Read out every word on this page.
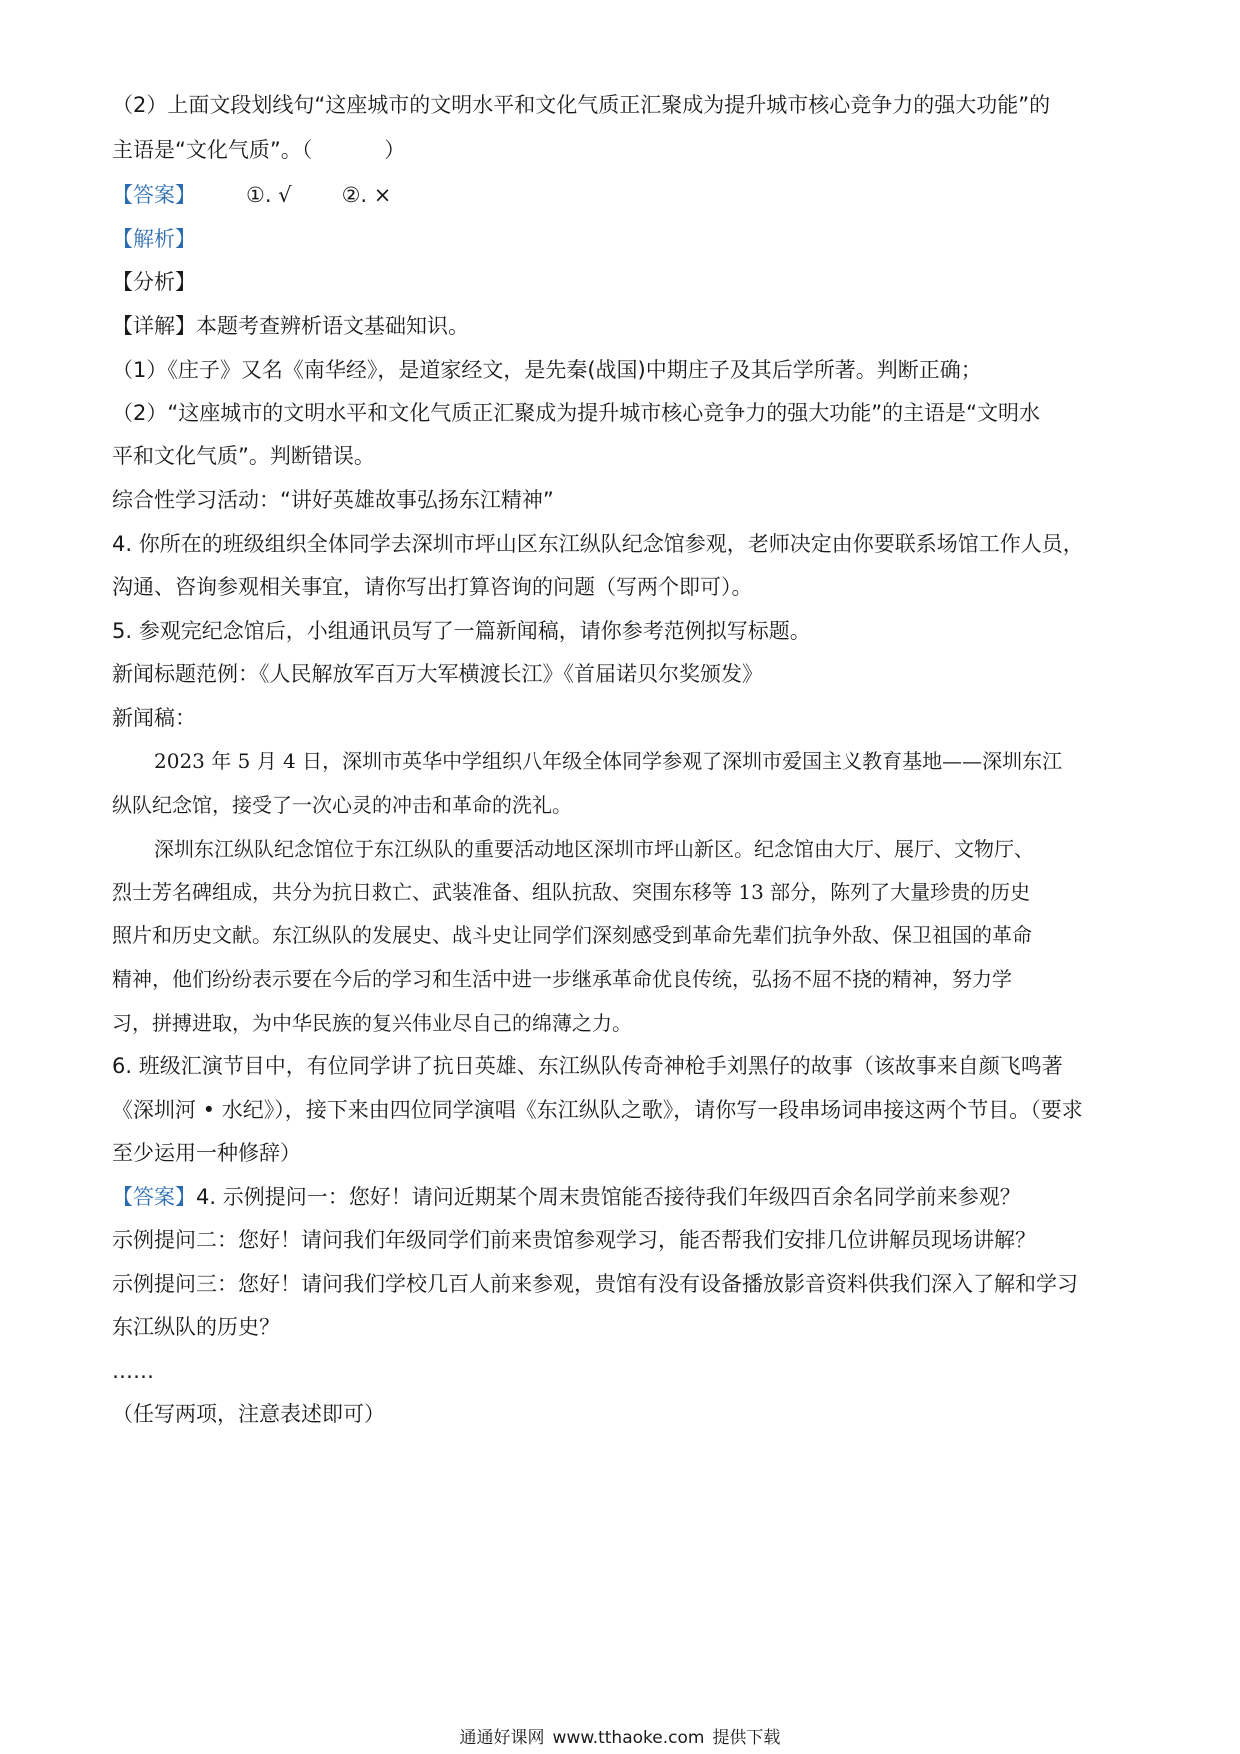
（2）上面文段划线句“这座城市的文明水平和文化气质正汇聚成为提升城市核心竞争力的强大功能”的
主语是“文化气质”。（	）
【答案】 ①. √ ②. ×
【解析】
【分析】
【详解】本题考查辨析语文基础知识。
（1）《庄子》又名《南华经》，是道家经文，是先秦(战国)中期庄子及其后学所著。判断正确；
（2）“这座城市的文明水平和文化气质正汇聚成为提升城市核心竞争力的强大功能”的主语是“文明水
平和文化气质”。判断错误。
综合性学习活动：“讲好英雄故事弘扬东江精神”
4. 你所在的班级组织全体同学去深圳市坪山区东江纵队纪念馆参观，老师决定由你要联系场馆工作人员，
沟通、咨询参观相关事宜，请你写出打算咨询的问题（写两个即可）。
5. 参观完纪念馆后，小组通讯员写了一篇新闻稿，请你参考范例拟写标题。
新闻标题范例：《人民解放军百万大军横渡长江》《首届诺贝尔奖颁发》
新闻稿：
2023 年 5 月 4 日，深圳市英华中学组织八年级全体同学参观了深圳市爱国主义教育基地——深圳东江
纵队纪念馆，接受了一次心灵的冲击和革命的洗礼。
深圳东江纵队纪念馆位于东江纵队的重要活动地区深圳市坪山新区。纪念馆由大厅、展厅、文物厅、
烈士芳名碑组成，共分为抗日救亡、武装准备、组队抗敌、突围东移等 13 部分，陈列了大量珍贵的历史
照片和历史文献。东江纵队的发展史、战斗史让同学们深刻感受到革命先辈们抗争外敌、保卫祖国的革命
精神，他们纷纷表示要在今后的学习和生活中进一步继承革命优良传统，弘扬不屈不挠的精神，努力学
习，拼搏进取，为中华民族的复兴伟业尽自己的绵薄之力。
6. 班级汇演节目中，有位同学讲了抗日英雄、东江纵队传奇神枪手刘黑仔的故事（该故事来自颜飞鸣著
《深圳河 • 水纪》），接下来由四位同学演唱《东江纵队之歌》，请你写一段串场词串接这两个节目。（要求
至少运用一种修辞）
【答案】4. 示例提问一：您好！请问近期某个周末贵馆能否接待我们年级四百余名同学前来参观？
示例提问二：您好！请问我们年级同学们前来贵馆参观学习，能否帮我们安排几位讲解员现场讲解？
示例提问三：您好！请问我们学校几百人前来参观，贵馆有没有设备播放影音资料供我们深入了解和学习
东江纵队的历史？
……
（任写两项，注意表述即可）
通通好课网 www.tthaoke.com 提供下载
